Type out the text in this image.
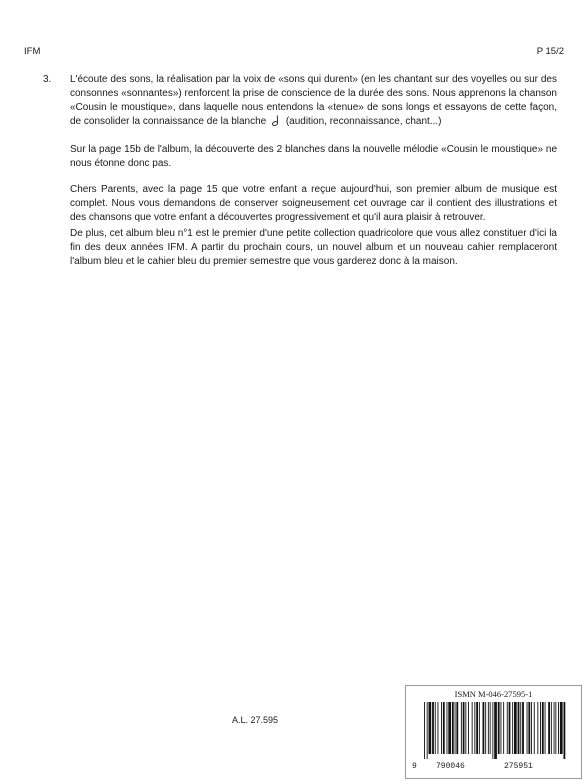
IFM	P 15/2
3. L'écoute des sons, la réalisation par la voix de «sons qui durent» (en les chantant sur des voyelles ou sur des consonnes «sonnantes») renforcent la prise de conscience de la durée des sons. Nous apprenons la chanson «Cousin le moustique», dans laquelle nous entendons la «tenue» de sons longs et essayons de cette façon, de consolider la connaissance de la blanche (audition, reconnaissance, chant...)
Sur la page 15b de l'album, la découverte des 2 blanches dans la nouvelle mélodie «Cousin le moustique» ne nous étonne donc pas.
Chers Parents, avec la page 15 que votre enfant a reçue aujourd'hui, son premier album de musique est complet. Nous vous demandons de conserver soigneusement cet ouvrage car il contient des illustrations et des chansons que votre enfant a découvertes progressivement et qu'il aura plaisir à retrouver.
De plus, cet album bleu n°1 est le premier d'une petite collection quadricolore que vous allez constituer d'ici la fin des deux années IFM. A partir du prochain cours, un nouvel album et un nouveau cahier remplaceront l'album bleu et le cahier bleu du premier semestre que vous garderez donc à la maison.
A.L. 27.595
ISMN M-046-27595-1
9 790046	275951
